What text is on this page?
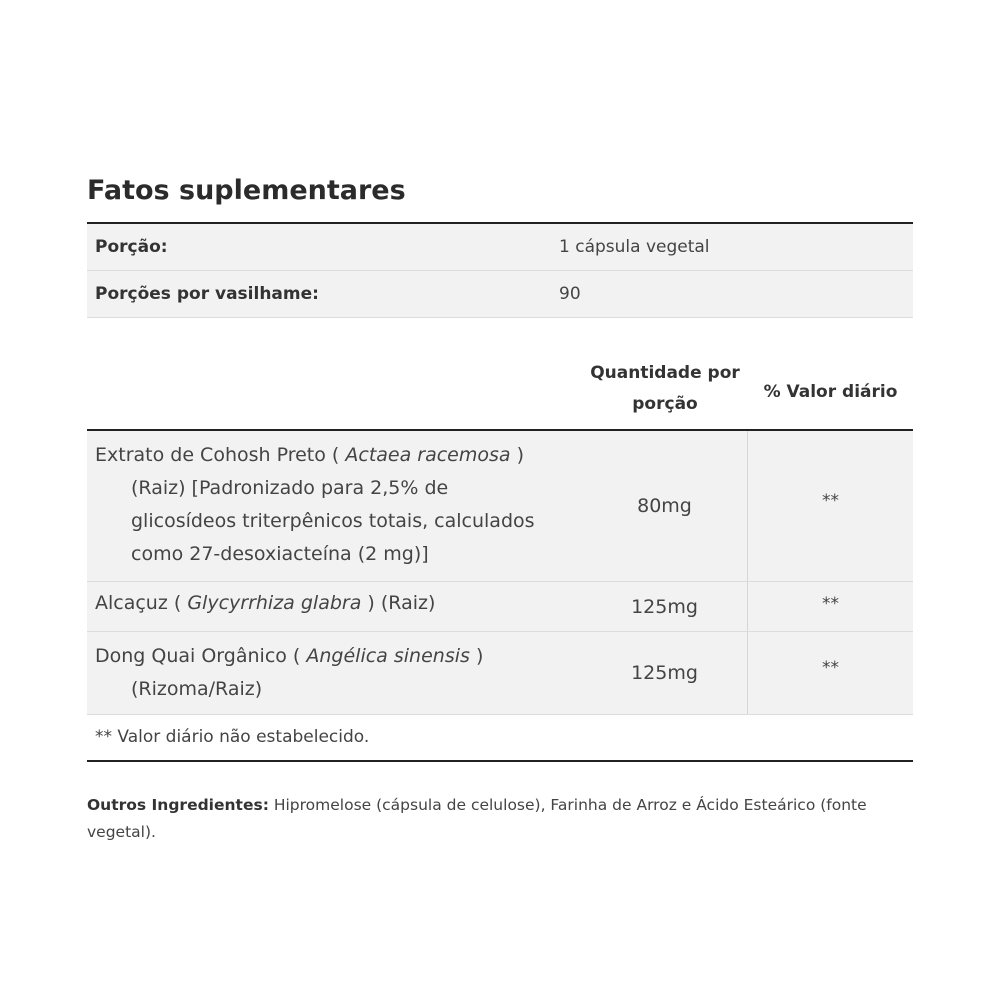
Fatos suplementares
Porção:	1 cápsula vegetal
Porções por vasilhame:	90
Quantidade por porção
% Valor diário
Extrato de Cohosh Preto ( Actaea racemosa )
(Raiz) [Padronizado para 2,5% de
glicosídeos triterpênicos totais, calculados
como 27-desoxiacteína (2 mg)]
80mg	**
Alcaçuz ( Glycyrrhiza glabra ) (Raiz)	125mg	**
Dong Quai Orgânico ( Angélica sinensis )
(Rizoma/Raiz)
125mg	**
** Valor diário não estabelecido.
Outros Ingredientes: Hipromelose (cápsula de celulose), Farinha de Arroz e Ácido Esteárico (fonte vegetal).
